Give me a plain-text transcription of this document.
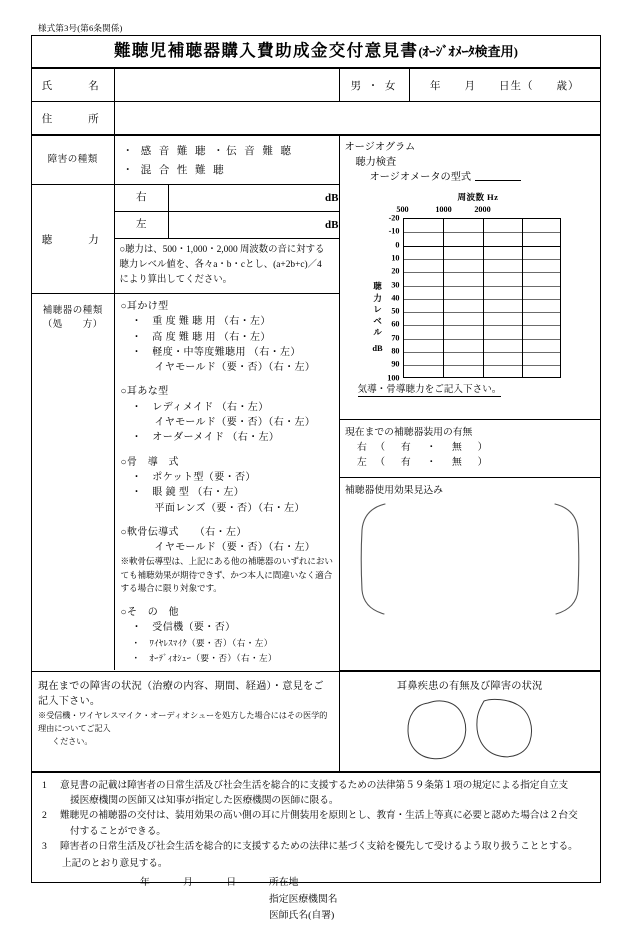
様式第3号(第6条関係)
難聴児補聴器購入費助成金交付意見書(ｵｰｼﾞｵﾒｰﾀ検査用)
氏　　名		男 ・ 女	年　　月　　日生（　　歳）
住　　所			
障害の種類	
・ 感 音 難 聴 ・伝 音 難 聴
・ 混 合 性 難 聴

オージオグラム
聴力検査
オージオメータの型式
周波数 Hz
500	1000	2000
聴
力
レ
ベ
ル
dB
-20
-10
0
10
20
30
40
50
60
70
80
90
100
気導・骨導聴力をご記入下さい。

聴　　力	
右	dB
左	dB

○聴力は、500・1,000・2,000 周波数の音に対する聴力レベル値を、各々a・b・cとし、(a+2b+c)／4 により算出してください。

補聴器の種類
（処　　方）

○耳かけ型
・　重 度 難 聴 用 （右・左）
・　高 度 難 聴 用 （右・左）
・　軽度・中等度難聴用 （右・左）
イヤモールド（要・否）（右・左）
○耳あな型
・　レディメイド （右・左）
イヤモールド（要・否）（右・左）
・　オーダーメイド （右・左）
○骨　導　式
・　ポケット型（要・否）
・　眼 鏡 型 （右・左）
平面レンズ（要・否）（右・左）
○軟骨伝導式　　（右・左）
イヤモールド（要・否）（右・左）
※軟骨伝導型は、上記にある他の補聴器のいずれにおいても補聴効果が期待できず、かつ本人に間違いなく適合する場合に限り対象です。
○そ　の　他
・　受信機（要・否）
・　ﾜｲﾔﾚｽﾏｲｸ（要・否）（右・左）
・　ｵｰﾃﾞｨｵｼｭｰ（要・否）（右・左）
現在までの補聴器装用の有無
右 （　有　・　無　）
左 （　有　・　無　）
補聴器使用効果見込み
現在までの障害の状況（治療の内容、期間、経過）・意見をご記入下さい。
※受信機・ワイヤレスマイク・オーディオシューを処方した場合にはその医学的理由についてご記入
ください。

耳鼻疾患の有無及び障害の状況
1	意見書の記載は障害者の日常生活及び社会生活を総合的に支援するための法律第５９条第１項の規定による指定自立支
援医療機関の医師又は知事が指定した医療機関の医師に限る。
2	難聴児の補聴器の交付は、装用効果の高い側の耳に片側装用を原則とし、教育・生活上等真に必要と認めた場合は２台交
付することができる。
3	障害者の日常生活及び社会生活を総合的に支援するための法律に基づく支給を優先して受けるよう取り扱うこととする。
上記のとおり意見する。
年　　　月　　　日	所在地
指定医療機関名
医師氏名(自署)
